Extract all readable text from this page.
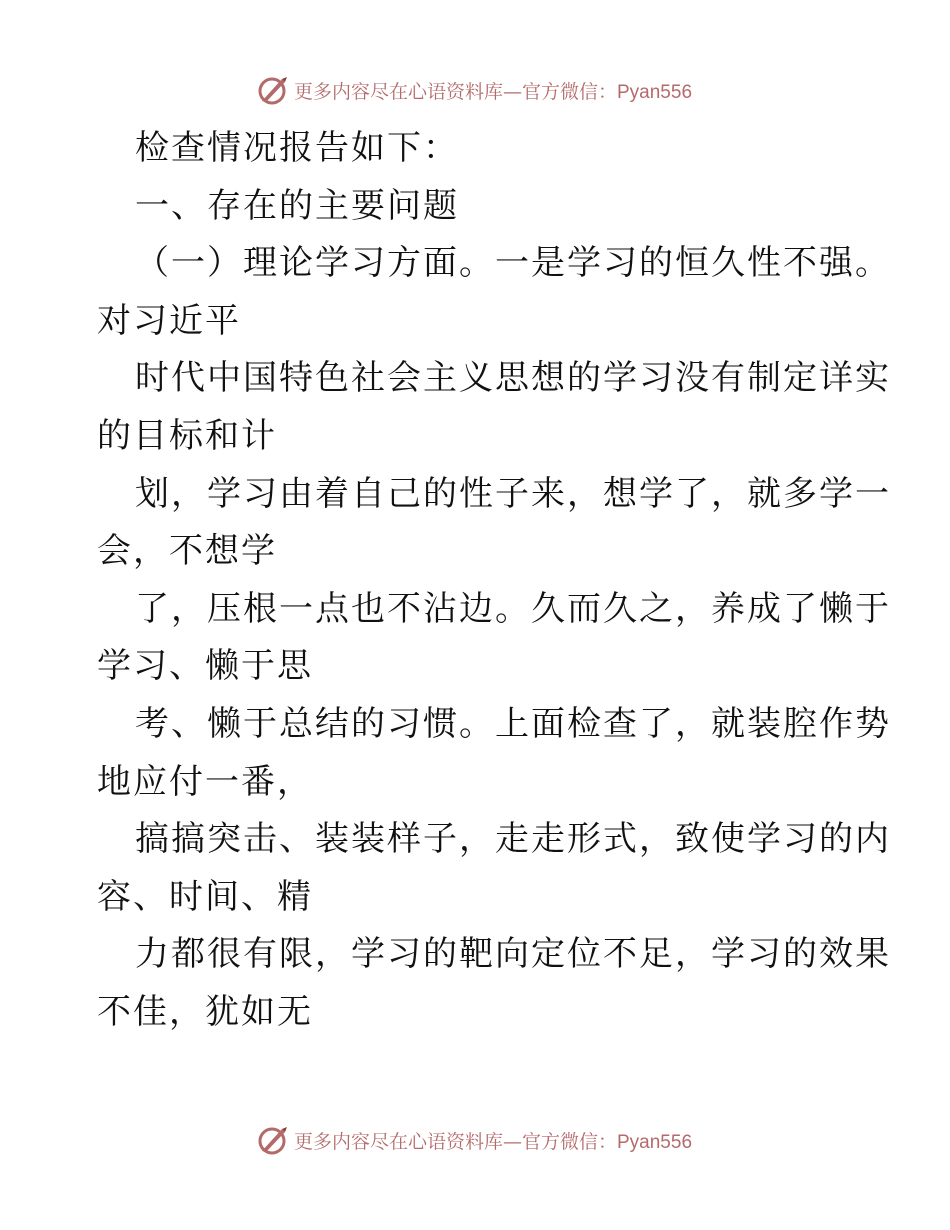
更多内容尽在心语资料库—官方微信：Pyan556
检查情况报告如下：
一、存在的主要问题
（一）理论学习方面。一是学习的恒久性不强。
对习近平
时代中国特色社会主义思想的学习没有制定详实
的目标和计
划，学习由着自己的性子来，想学了，就多学一
会，不想学
了，压根一点也不沾边。久而久之，养成了懒于
学习、懒于思
考、懒于总结的习惯。上面检查了，就装腔作势
地应付一番，
搞搞突击、装装样子，走走形式，致使学习的内
容、时间、精
力都很有限，学习的靶向定位不足，学习的效果
不佳，犹如无
更多内容尽在心语资料库—官方微信：Pyan556
